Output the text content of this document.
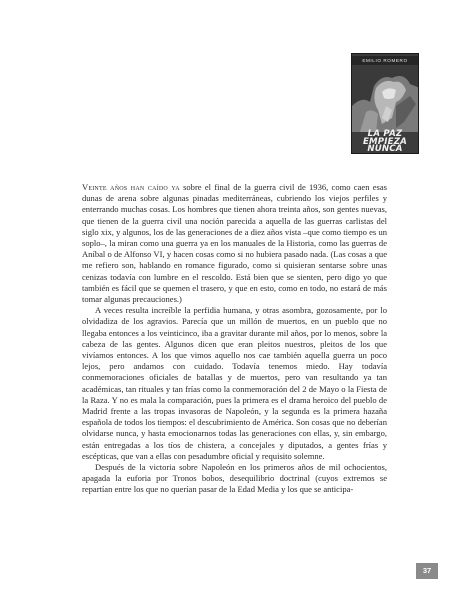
EMILIO ROMERO
LA PAZ
EMPIEZA
NUNCA

Veinte años han caído ya sobre el final de la guerra civil de 1936, como caen esas dunas de arena sobre algunas pinadas mediterráneas, cubriendo los viejos perfiles y enterrando muchas cosas. Los hombres que tienen ahora treinta años, son gentes nuevas, que tienen de la guerra civil una noción parecida a aquella de las guerras carlistas del siglo xix, y algunos, los de las generaciones de a diez años vista –que como tiempo es un soplo–, la miran como una guerra ya en los manuales de la Historia, como las guerras de Aníbal o de Alfonso VI, y hacen cosas como si no hubiera pasado nada. (Las cosas a que me refiero son, hablando en romance figurado, como si quisieran sentarse sobre unas cenizas todavía con lumbre en el rescoldo. Está bien que se sienten, pero digo yo que también es fácil que se quemen el trasero, y que en esto, como en todo, no estará de más tomar algunas precauciones.)

A veces resulta increíble la perfidia humana, y otras asombra, gozosamente, por lo olvidadiza de los agravios. Parecía que un millón de muertos, en un pueblo que no llegaba entonces a los veinticinco, iba a gravitar durante mil años, por lo menos, sobre la cabeza de las gentes. Algunos dicen que eran pleitos nuestros, pleitos de los que vivíamos entonces. A los que vimos aquello nos cae también aquella guerra un poco lejos, pero andamos con cuidado. Todavía tenemos miedo. Hay todavía conmemoraciones oficiales de batallas y de muertos, pero van resultando ya tan académicas, tan rituales y tan frías como la conmemoración del 2 de Mayo o la Fiesta de la Raza. Y no es mala la comparación, pues la primera es el drama heroico del pueblo de Madrid frente a las tropas invasoras de Napoleón, y la segunda es la primera hazaña española de todos los tiempos: el descubrimiento de América. Son cosas que no deberían olvidarse nunca, y hasta emocionarnos todas las generaciones con ellas, y, sin embargo, están entregadas a los tíos de chistera, a concejales y diputados, a gentes frías y escépticas, que van a ellas con pesadumbre oficial y requisito solemne.

Después de la victoria sobre Napoleón en los primeros años de mil ochocientos, apagada la euforia por Tronos bobos, desequilibrio doctrinal (cuyos extremos se repartían entre los que no querían pasar de la Edad Media y los que se anticipa-

37
